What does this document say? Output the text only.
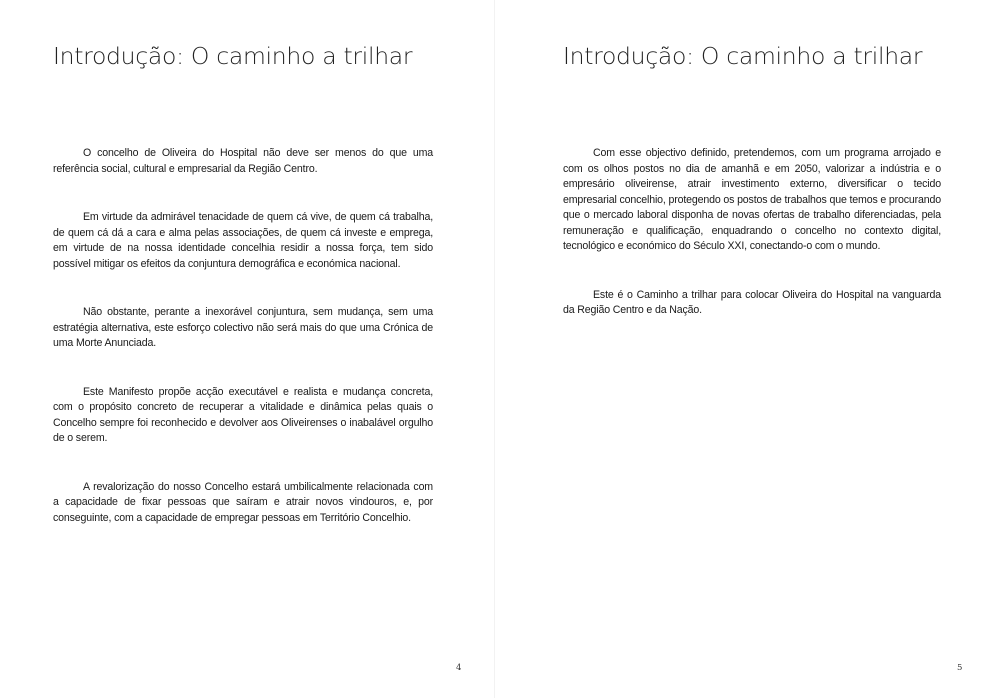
Introdução: O caminho a trilhar

O concelho de Oliveira do Hospital não deve ser menos do que uma referência social, cultural e empresarial da Região Centro.

Em virtude da admirável tenacidade de quem cá vive, de quem cá trabalha, de quem cá dá a cara e alma pelas associações, de quem cá investe e emprega, em virtude de na nossa identidade concelhia residir a nossa força, tem sido possível mitigar os efeitos da conjuntura demográfica e económica nacional.

Não obstante, perante a inexorável conjuntura, sem mudança, sem uma estratégia alternativa, este esforço colectivo não será mais do que uma Crónica de uma Morte Anunciada.

Este Manifesto propõe acção executável e realista e mudança concreta, com o propósito concreto de recuperar a vitalidade e dinâmica pelas quais o Concelho sempre foi reconhecido e devolver aos Oliveirenses o inabalável orgulho de o serem.

A revalorização do nosso Concelho estará umbilicalmente relacionada com a capacidade de fixar pessoas que saíram e atrair novos vindouros, e, por conseguinte, com a capacidade de empregar pessoas em Território Concelhio.

4
Introdução: O caminho a trilhar

Com esse objectivo definido, pretendemos, com um programa arrojado e com os olhos postos no dia de amanhã e em 2050, valorizar a indústria e o empresário oliveirense, atrair investimento externo, diversificar o tecido empresarial concelhio, protegendo os postos de trabalhos que temos e procurando que o mercado laboral disponha de novas ofertas de trabalho diferenciadas, pela remuneração e qualificação, enquadrando o concelho no contexto digital, tecnológico e económico do Século XXI, conectando-o com o mundo.

Este é o Caminho a trilhar para colocar Oliveira do Hospital na vanguarda da Região Centro e da Nação.

5
